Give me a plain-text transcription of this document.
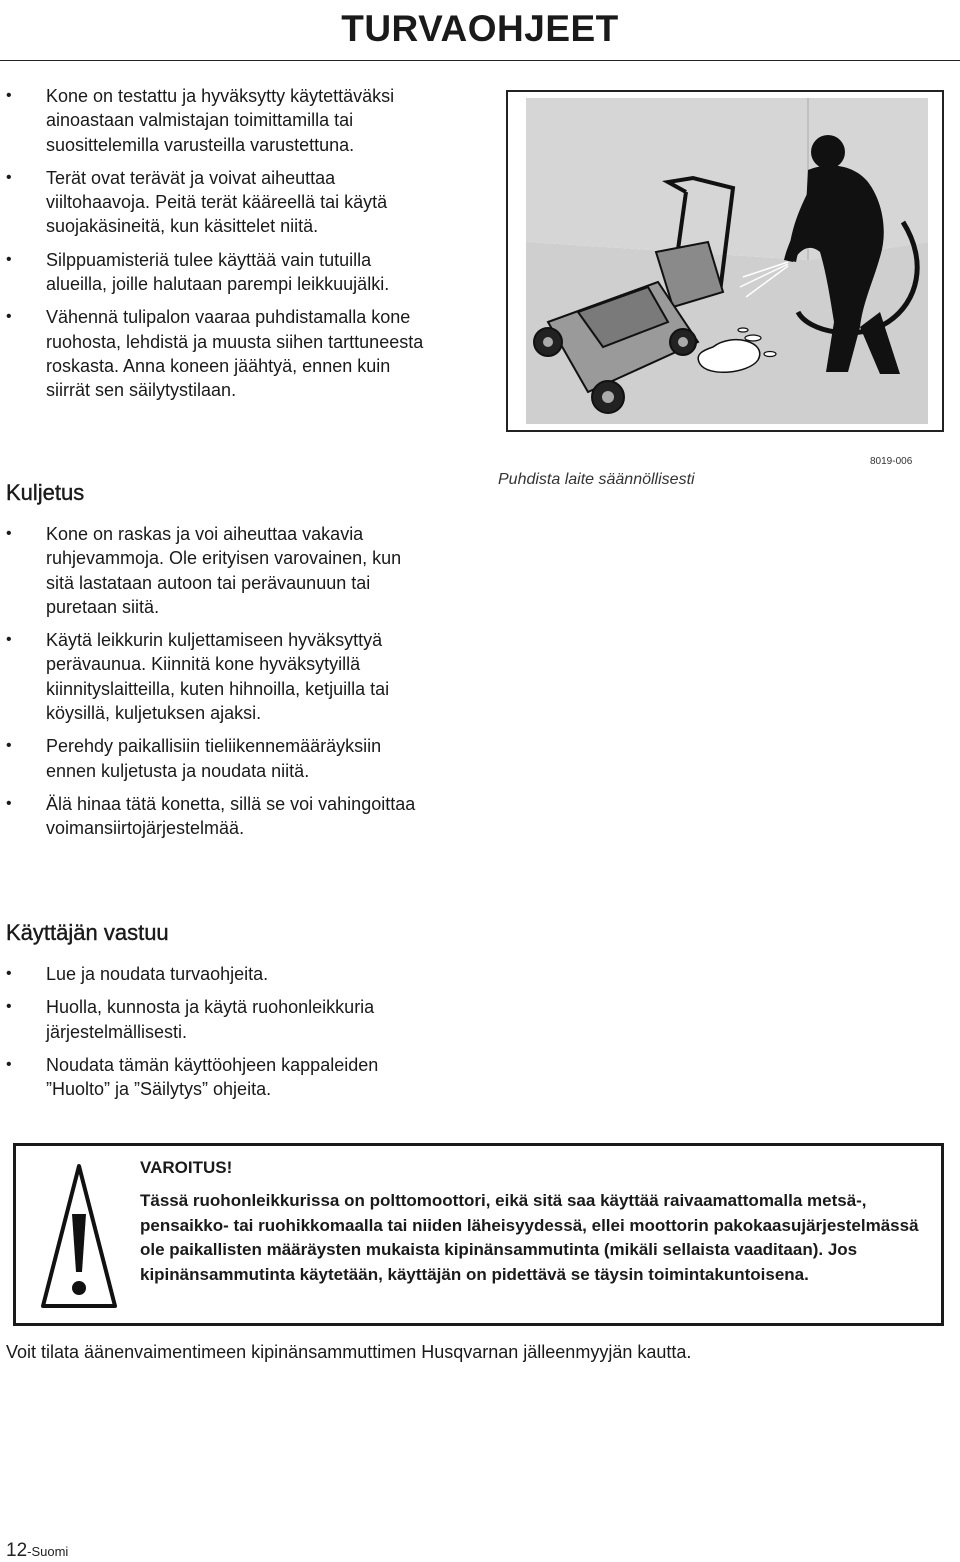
TURVAOHJEET
• Kone on testattu ja hyväksytty käytettäväksi ainoastaan valmistajan toimittamilla tai suosittelemilla varusteilla varustettuna.
• Terät ovat terävät ja voivat aiheuttaa viiltohaavoja. Peitä terät kääreellä tai käytä suojakäsineitä, kun käsittelet niitä.
• Silppuamisteriä tulee käyttää vain tutuilla alueilla, joille halutaan parempi leikkuujälki.
• Vähennä tulipalon vaaraa puhdistamalla kone ruohosta, lehdistä ja muusta siihen tarttuneesta roskasta. Anna koneen jäähtyä, ennen kuin siirrät sen säilytystilaan.
Kuljetus
• Kone on raskas ja voi aiheuttaa vakavia ruhjevammoja. Ole erityisen varovainen, kun sitä lastataan autoon tai perävaunuun tai puretaan siitä.
• Käytä leikkurin kuljettamiseen hyväksyttyä perävaunua. Kiinnitä kone hyväksytyillä kiinnityslaitteilla, kuten hihnoilla, ketjuilla tai köysillä, kuljetuksen ajaksi.
• Perehdy paikallisiin tieliikennemääräyksiin ennen kuljetusta ja noudata niitä.
• Älä hinaa tätä konetta, sillä se voi vahingoittaa voimansiirtojärjestelmää.
Käyttäjän vastuu
• Lue ja noudata turvaohjeita.
• Huolla, kunnosta ja käytä ruohonleikkuria järjestelmällisesti.
• Noudata tämän käyttöohjeen kappaleiden ”Huolto” ja ”Säilytys” ohjeita.
Puhdista laite säännöllisesti
8019-006
VAROITUS!
Tässä ruohonleikkurissa on polttomoottori, eikä sitä saa käyttää raivaamattomalla metsä-, pensaikko- tai ruohikkomaalla tai niiden läheisyydessä, ellei moottorin pakokaasujärjestelmässä ole paikallisten määräysten mukaista kipinänsammutinta (mikäli sellaista vaaditaan). Jos kipinänsammutinta käytetään, käyttäjän on pidettävä se täysin toimintakuntoisena.
Voit tilata äänenvaimentimeen kipinänsammuttimen Husqvarnan jälleenmyyjän kautta.
12-Suomi
